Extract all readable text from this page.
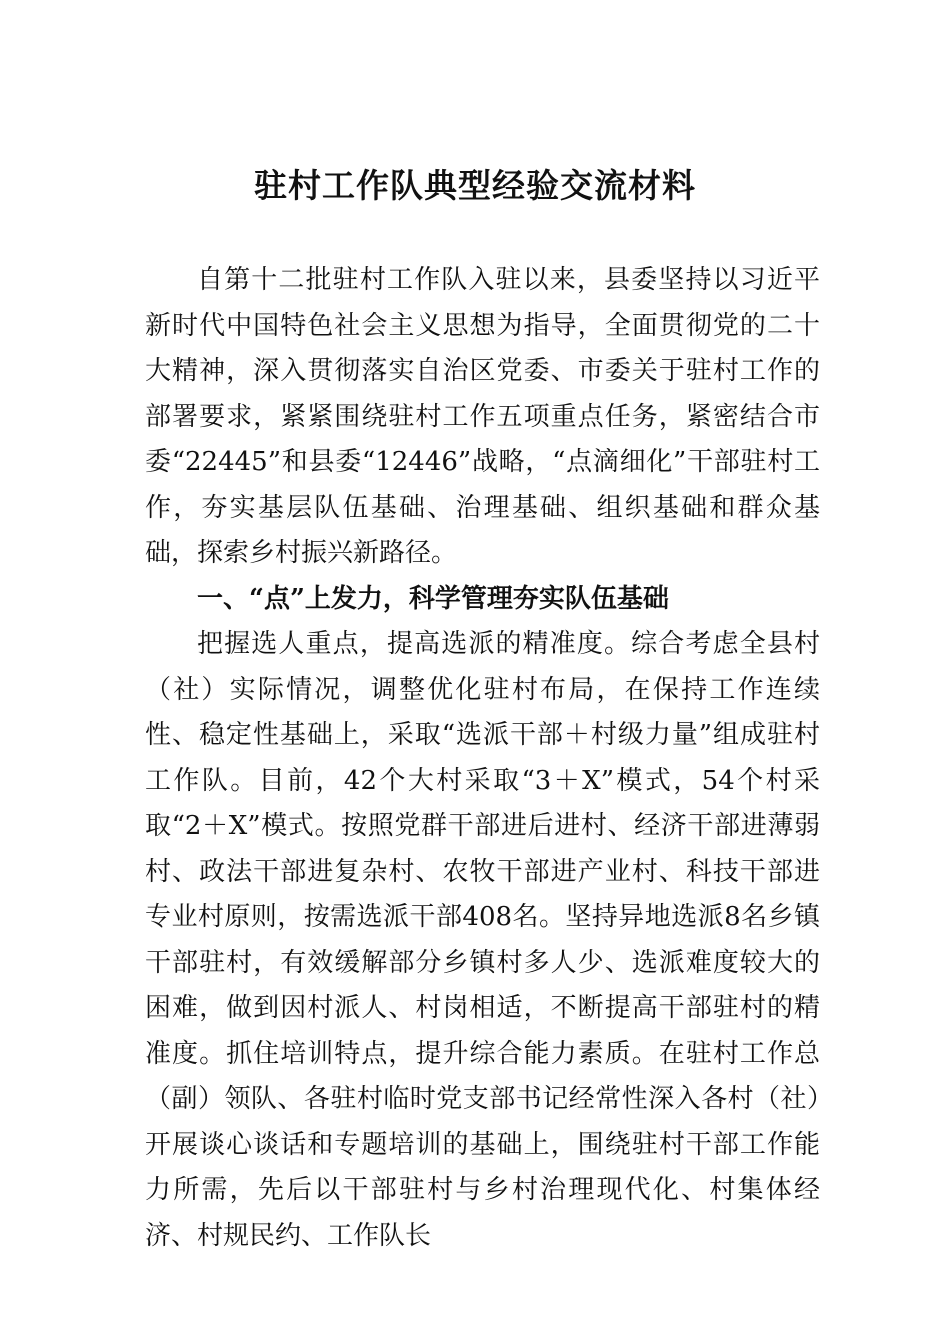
驻村工作队典型经验交流材料

自第十二批驻村工作队入驻以来，县委坚持以习近平新时代中国特色社会主义思想为指导，全面贯彻党的二十大精神，深入贯彻落实自治区党委、市委关于驻村工作的部署要求，紧紧围绕驻村工作五项重点任务，紧密结合市委“22445”和县委“12446”战略，“点滴细化”干部驻村工作，夯实基层队伍基础、治理基础、组织基础和群众基础，探索乡村振兴新路径。

一、“点”上发力，科学管理夯实队伍基础

把握选人重点，提高选派的精准度。综合考虑全县村（社）实际情况，调整优化驻村布局，在保持工作连续性、稳定性基础上，采取“选派干部＋村级力量”组成驻村工作队。目前，42个大村采取“3＋X”模式，54个村采取“2＋X”模式。按照党群干部进后进村、经济干部进薄弱村、政法干部进复杂村、农牧干部进产业村、科技干部进专业村原则，按需选派干部408名。坚持异地选派8名乡镇干部驻村，有效缓解部分乡镇村多人少、选派难度较大的困难，做到因村派人、村岗相适，不断提高干部驻村的精准度。抓住培训特点，提升综合能力素质。在驻村工作总（副）领队、各驻村临时党支部书记经常性深入各村（社）开展谈心谈话和专题培训的基础上，围绕驻村干部工作能力所需，先后以干部驻村与乡村治理现代化、村集体经济、村规民约、工作队长
